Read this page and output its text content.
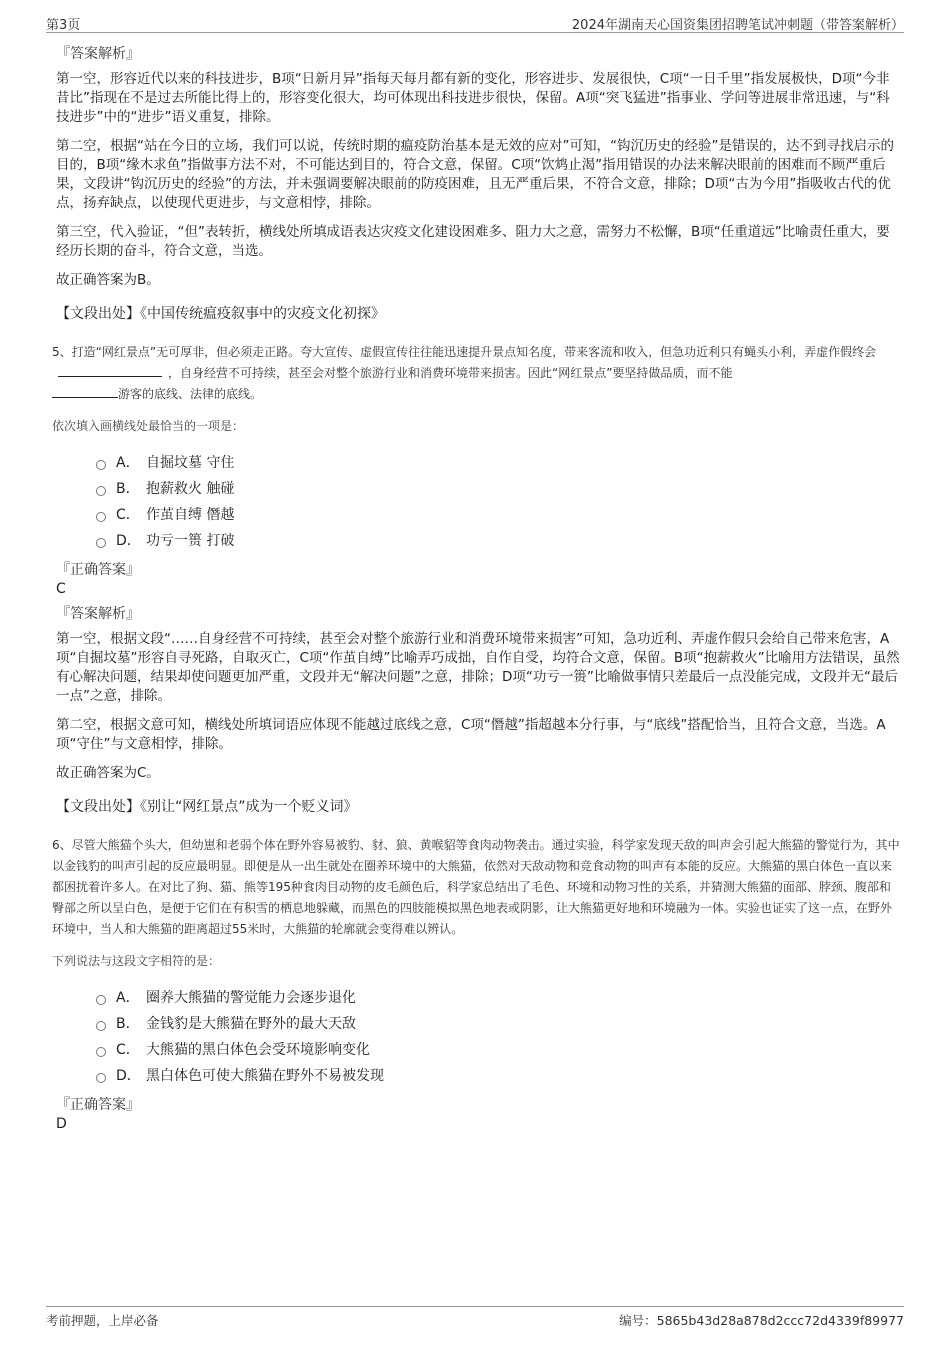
第3页	2024年湖南天心国资集团招聘笔试冲刺题（带答案解析）
『答案解析』

第一空，形容近代以来的科技进步，B项“日新月异”指每天每月都有新的变化，形容进步、发展很快，C项“一日千里”指发展极快，D项“今非昔比”指现在不是过去所能比得上的，形容变化很大，均可体现出科技进步很快，保留。A项“突飞猛进”指事业、学问等进展非常迅速，与“科技进步”中的“进步”语义重复，排除。

第二空，根据“站在今日的立场，我们可以说，传统时期的瘟疫防治基本是无效的应对”可知，“钩沉历史的经验”是错误的，达不到寻找启示的目的，B项“缘木求鱼”指做事方法不对，不可能达到目的，符合文意，保留。C项“饮鸩止渴”指用错误的办法来解决眼前的困难而不顾严重后果，文段讲“钩沉历史的经验”的方法，并未强调要解决眼前的防疫困难，且无严重后果，不符合文意，排除；D项“古为今用”指吸收古代的优点，扬弃缺点，以使现代更进步，与文意相悖，排除。

第三空，代入验证，“但”表转折，横线处所填成语表达灾疫文化建设困难多、阻力大之意，需努力不松懈，B项“任重道远”比喻责任重大，要经历长期的奋斗，符合文意，当选。

故正确答案为B。

【文段出处】《中国传统瘟疫叙事中的灾疫文化初探》
5、打造“网红景点”无可厚非，但必须走正路。夸大宣传、虚假宣传往往能迅速提升景点知名度，带来客流和收入，但急功近利只有蝇头小利，弄虚作假终会，自身经营不可持续，甚至会对整个旅游行业和消费环境带来损害。因此“网红景点”要坚持做品质，而不能
游客的底线、法律的底线。
依次填入画横线处最恰当的一项是：
A． 自掘坟墓 守住
B． 抱薪救火 触碰
C． 作茧自缚 僭越
D． 功亏一篑 打破
『正确答案』
C
『答案解析』

第一空，根据文段“……自身经营不可持续，甚至会对整个旅游行业和消费环境带来损害”可知，急功近利、弄虚作假只会给自己带来危害，A项“自掘坟墓”形容自寻死路，自取灭亡，C项“作茧自缚”比喻弄巧成拙，自作自受，均符合文意，保留。B项“抱薪救火”比喻用方法错误，虽然有心解决问题，结果却使问题更加严重，文段并无“解决问题”之意，排除；D项“功亏一篑”比喻做事情只差最后一点没能完成，文段并无“最后一点”之意，排除。

第二空，根据文意可知，横线处所填词语应体现不能越过底线之意，C项“僭越”指超越本分行事，与“底线”搭配恰当，且符合文意，当选。A项“守住”与文意相悖，排除。

故正确答案为C。

【文段出处】《别让“网红景点”成为一个贬义词》
6、尽管大熊猫个头大，但幼崽和老弱个体在野外容易被豹、豺、狼、黄喉貂等食肉动物袭击。通过实验，科学家发现天敌的叫声会引起大熊猫的警觉行为，其中以金钱豹的叫声引起的反应最明显。即便是从一出生就处在圈养环境中的大熊猫，依然对天敌动物和竞食动物的叫声有本能的反应。大熊猫的黑白体色一直以来都困扰着许多人。在对比了狗、猫、熊等195种食肉目动物的皮毛颜色后，科学家总结出了毛色、环境和动物习性的关系，并猜测大熊猫的面部、脖颈、腹部和臀部之所以呈白色，是便于它们在有积雪的栖息地躲藏，而黑色的四肢能模拟黑色地表或阴影，让大熊猫更好地和环境融为一体。实验也证实了这一点，在野外环境中，当人和大熊猫的距离超过55米时，大熊猫的轮廓就会变得难以辨认。
下列说法与这段文字相符的是：
A． 圈养大熊猫的警觉能力会逐步退化
B． 金钱豹是大熊猫在野外的最大天敌
C． 大熊猫的黑白体色会受环境影响变化
D． 黑白体色可使大熊猫在野外不易被发现
『正确答案』
D
考前押题，上岸必备	编号：5865b43d28a878d2ccc72d4339f89977
